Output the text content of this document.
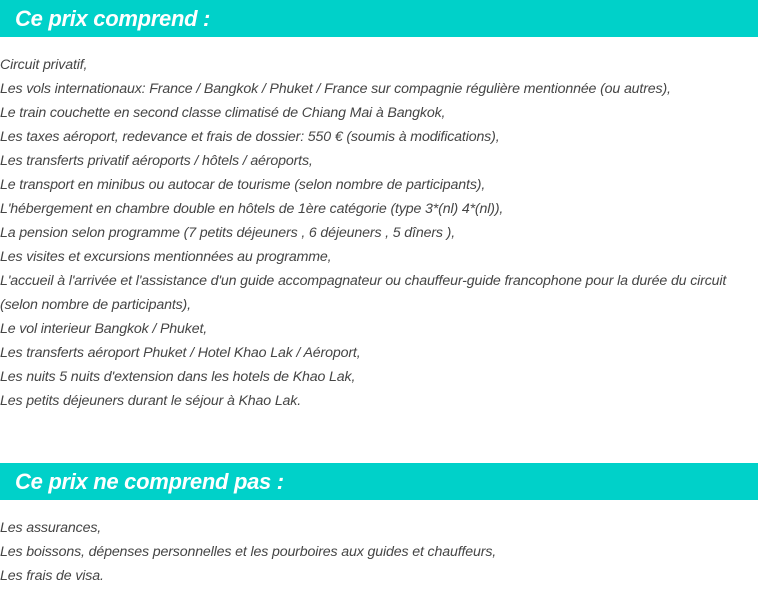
Ce prix comprend :
Circuit privatif,
Les vols internationaux: France / Bangkok / Phuket / France sur compagnie régulière mentionnée (ou autres),
Le train couchette en second classe climatisé de Chiang Mai à Bangkok,
Les taxes aéroport, redevance et frais de dossier: 550 € (soumis à modifications),
Les transferts privatif aéroports / hôtels / aéroports,
Le transport en minibus ou autocar de tourisme (selon nombre de participants),
L'hébergement en chambre double en hôtels de 1ère catégorie (type 3*(nl) 4*(nl)),
La pension selon programme (7 petits déjeuners , 6 déjeuners , 5 dîners ),
Les visites et excursions mentionnées au programme,
L'accueil à l'arrivée et l'assistance d'un guide accompagnateur ou chauffeur-guide francophone pour la durée du circuit (selon nombre de participants),
Le vol interieur Bangkok / Phuket,
Les transferts aéroport Phuket / Hotel Khao Lak / Aéroport,
Les nuits 5 nuits d'extension dans les hotels de Khao Lak,
Les petits déjeuners durant le séjour à Khao Lak.
Ce prix ne comprend pas :
Les assurances,
Les boissons, dépenses personnelles et les pourboires aux guides et chauffeurs,
Les frais de visa.
